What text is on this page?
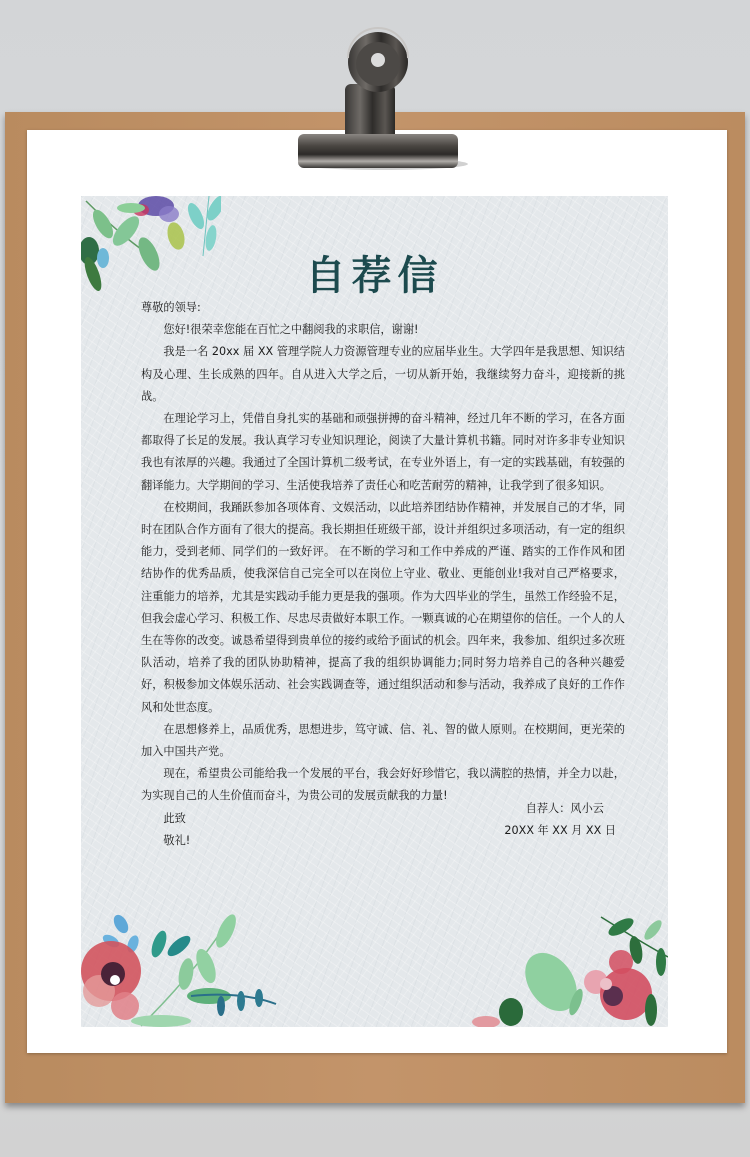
自荐信

尊敬的领导:

您好!很荣幸您能在百忙之中翻阅我的求职信，谢谢!

我是一名 20xx 届 XX 管理学院人力资源管理专业的应届毕业生。大学四年是我思想、知识结构及心理、生长成熟的四年。自从进入大学之后，一切从新开始，我继续努力奋斗，迎接新的挑战。

在理论学习上，凭借自身扎实的基础和顽强拼搏的奋斗精神，经过几年不断的学习，在各方面都取得了长足的发展。我认真学习专业知识理论，阅读了大量计算机书籍。同时对许多非专业知识我也有浓厚的兴趣。我通过了全国计算机二级考试，在专业外语上，有一定的实践基础，有较强的翻译能力。大学期间的学习、生活使我培养了责任心和吃苦耐劳的精神，让我学到了很多知识。

在校期间，我踊跃参加各项体育、文娱活动，以此培养团结协作精神，并发展自己的才华，同时在团队合作方面有了很大的提高。我长期担任班级干部，设计并组织过多项活动，有一定的组织能力，受到老师、同学们的一致好评。 在不断的学习和工作中养成的严谨、踏实的工作作风和团结协作的优秀品质，使我深信自己完全可以在岗位上守业、敬业、更能创业!我对自己严格要求，注重能力的培养，尤其是实践动手能力更是我的强项。作为大四毕业的学生，虽然工作经验不足，但我会虚心学习、积极工作、尽忠尽责做好本职工作。一颗真诚的心在期望你的信任。一个人的人生在等你的改变。诚恳希望得到贵单位的接约或给予面试的机会。四年来，我参加、组织过多次班队活动，培养了我的团队协助精神，提高了我的组织协调能力;同时努力培养自己的各种兴趣爱好，积极参加文体娱乐活动、社会实践调查等，通过组织活动和参与活动，我养成了良好的工作作风和处世态度。

在思想修养上，品质优秀，思想进步，笃守诚、信、礼、智的做人原则。在校期间，更光荣的加入中国共产党。

现在，希望贵公司能给我一个发展的平台，我会好好珍惜它，我以满腔的热情，并全力以赴，为实现自己的人生价值而奋斗，为贵公司的发展贡献我的力量!

此致

敬礼!

自荐人：风小云
20XX 年 XX 月 XX 日
